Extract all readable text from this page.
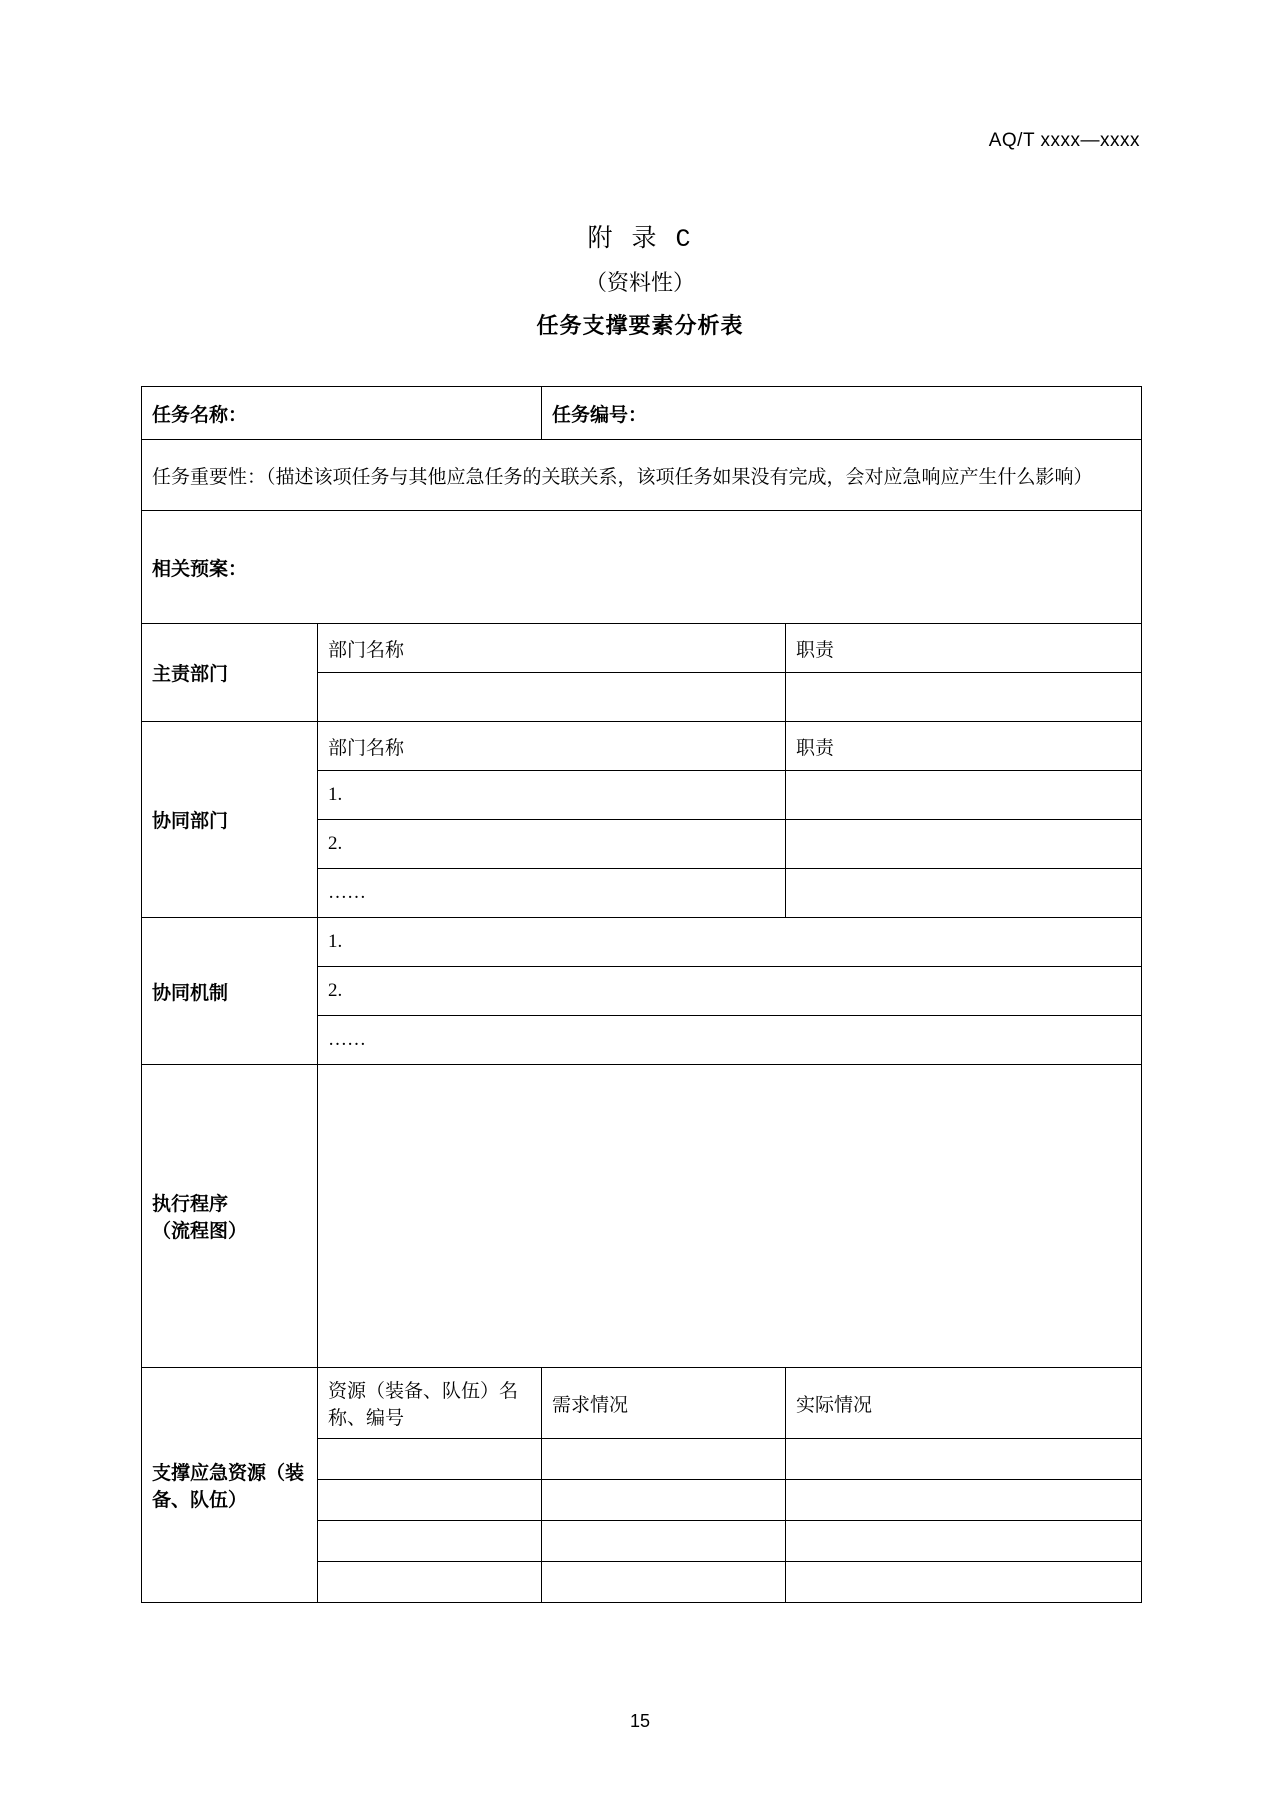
AQ/T xxxx—xxxx
附 录 C
（资料性）
任务支撑要素分析表
任务名称：		任务编号：	
任务重要性：（描述该项任务与其他应急任务的关联关系，该项任务如果没有完成，会对应急响应产生什么影响）			
相关预案：			
主责部门	部门名称		职责

协同部门	部门名称		职责
	1.		
	2.		
	……		
协同机制	1.		
	2.		
	……		

执行程序
（流程图）			

支撑应急资源（装备、队伍）	资源（装备、队伍）名称、编号	需求情况	实际情况

15
